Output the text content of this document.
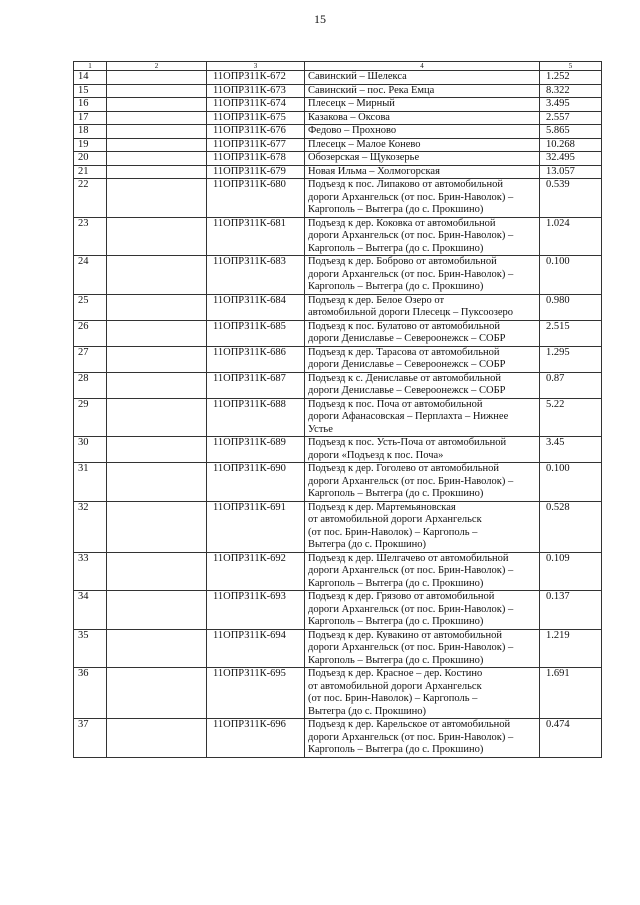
15
1	2	3	4	5
14		11ОПРЗ11К-672	Савинский – Шелекса	1.252
15		11ОПРЗ11К-673	Савинский – пос. Река Емца	8.322
16		11ОПРЗ11К-674	Плесецк – Мирный	3.495
17		11ОПРЗ11К-675	Казакова – Оксова	2.557
18		11ОПРЗ11К-676	Федово – Прохново	5.865
19		11ОПРЗ11К-677	Плесецк – Малое Конево	10.268
20		11ОПРЗ11К-678	Обозерская – Щукозерье	32.495
21		11ОПРЗ11К-679	Новая Ильма – Холмогорская	13.057
22		11ОПРЗ11К-680	Подъезд к пос. Липаково от автомобильной
дороги Архангельск (от пос. Брин-Наволок) –
Каргополь – Вытегра (до с. Прокшино)	0.539
23		11ОПРЗ11К-681	Подъезд к дер. Коковка от автомобильной
дороги Архангельск (от пос. Брин-Наволок) –
Каргополь – Вытегра (до с. Прокшино)	1.024
24		11ОПРЗ11К-683	Подъезд к дер. Боброво от автомобильной
дороги Архангельск (от пос. Брин-Наволок) –
Каргополь – Вытегра (до с. Прокшино)	0.100
25		11ОПРЗ11К-684	Подъезд к дер. Белое Озеро от
автомобильной дороги Плесецк – Пуксоозеро	0.980
26		11ОПРЗ11К-685	Подъезд к пос. Булатово от автомобильной
дороги Дениславье – Североонежск – СОБР	2.515
27		11ОПРЗ11К-686	Подъезд к дер. Тарасова от автомобильной
дороги Дениславье – Североонежск – СОБР	1.295
28		11ОПРЗ11К-687	Подъезд к с. Дениславье от автомобильной
дороги Дениславье – Североонежск – СОБР	0.87
29		11ОПРЗ11К-688	Подъезд к пос. Поча от автомобильной
дороги Афанасовская – Перплахта – Нижнее
Устье	5.22
30		11ОПРЗ11К-689	Подъезд к пос. Усть-Поча от автомобильной
дороги «Подъезд к пос. Поча»	3.45
31		11ОПРЗ11К-690	Подъезд к дер. Гоголево от автомобильной
дороги Архангельск (от пос. Брин-Наволок) –
Каргополь – Вытегра (до с. Прокшино)	0.100
32		11ОПРЗ11К-691	Подъезд к дер. Мартемьяновская
от автомобильной дороги Архангельск
(от пос. Брин-Наволок) – Каргополь –
Вытегра (до с. Прокшино)	0.528
33		11ОПРЗ11К-692	Подъезд к дер. Шелгачево от автомобильной
дороги Архангельск (от пос. Брин-Наволок) –
Каргополь – Вытегра (до с. Прокшино)	0.109
34		11ОПРЗ11К-693	Подъезд к дер. Грязово от автомобильной
дороги Архангельск (от пос. Брин-Наволок) –
Каргополь – Вытегра (до с. Прокшино)	0.137
35		11ОПРЗ11К-694	Подъезд к дер. Кувакино от автомобильной
дороги Архангельск (от пос. Брин-Наволок) –
Каргополь – Вытегра (до с. Прокшино)	1.219
36		11ОПРЗ11К-695	Подъезд к дер. Красное – дер. Костино
от автомобильной дороги Архангельск
(от пос. Брин-Наволок) – Каргополь –
Вытегра (до с. Прокшино)	1.691
37		11ОПРЗ11К-696	Подъезд к дер. Карельское от автомобильной
дороги Архангельск (от пос. Брин-Наволок) –
Каргополь – Вытегра (до с. Прокшино)	0.474
